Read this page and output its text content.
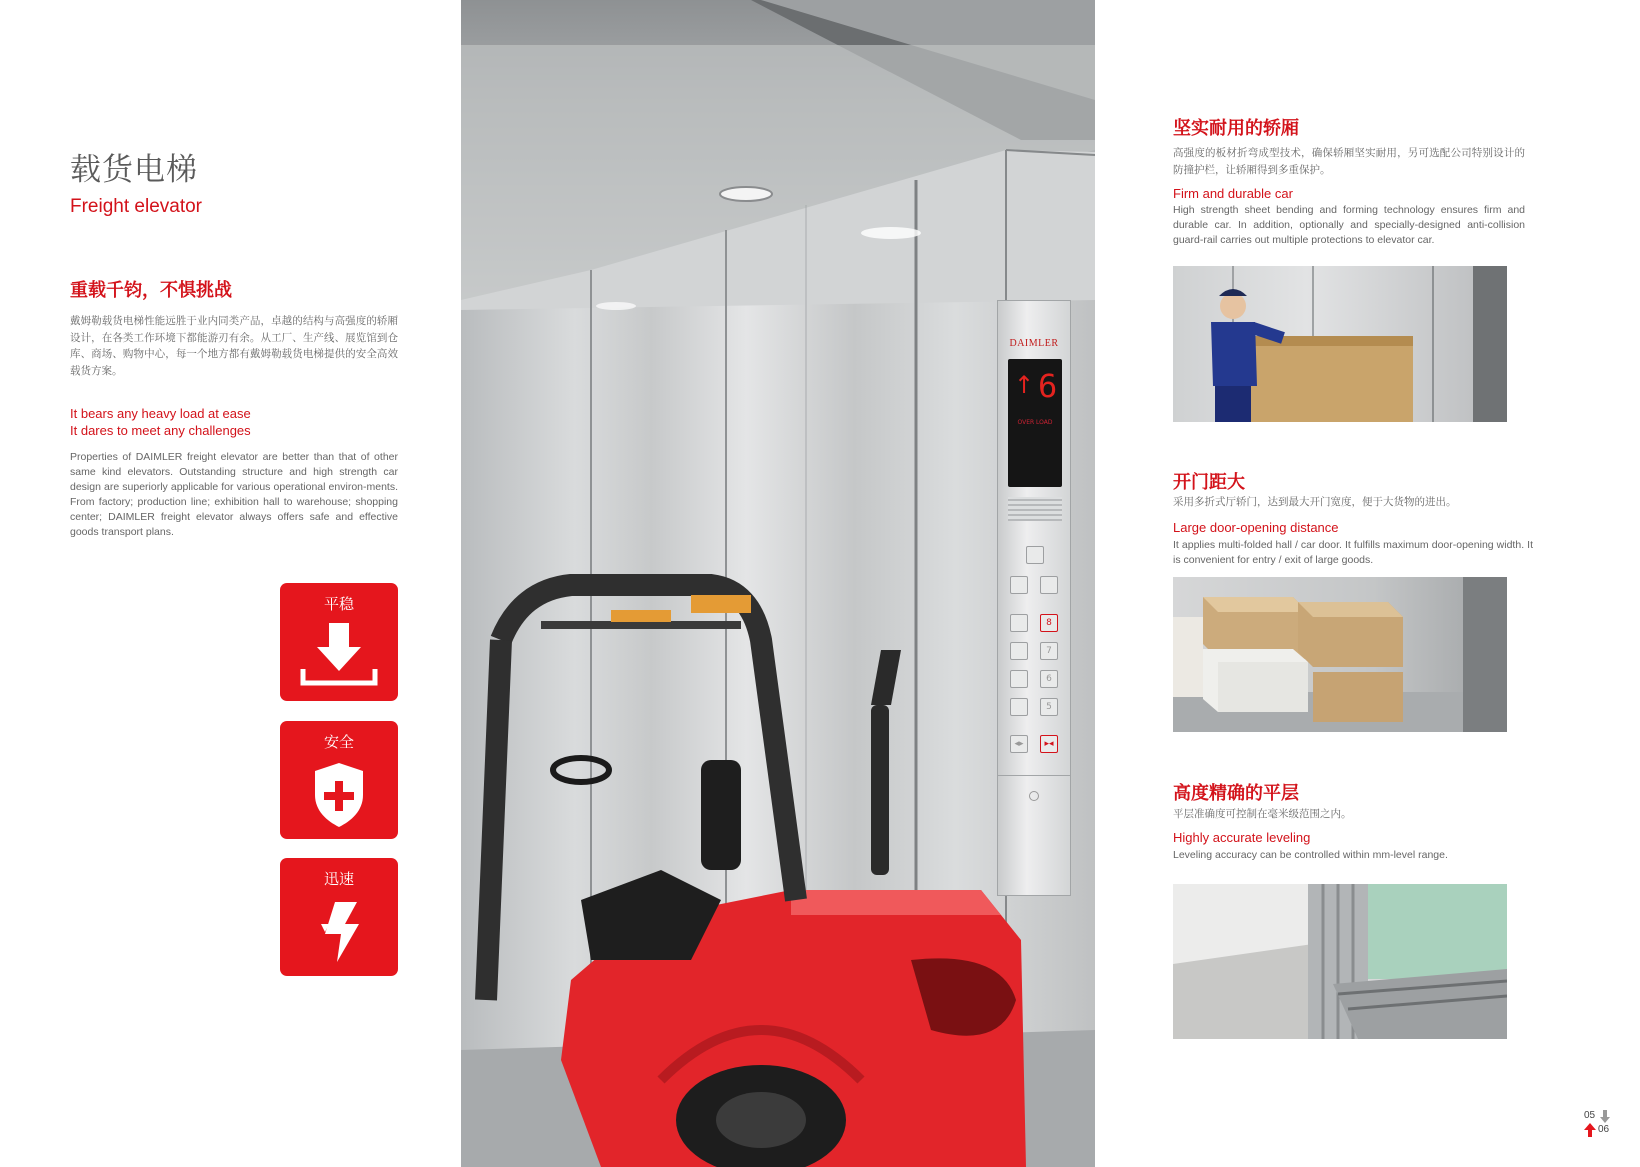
载货电梯
Freight elevator
重载千钧，不惧挑战

戴姆勒载货电梯性能远胜于业内同类产品，卓越的结构与高强度的轿厢设计，在各类工作环境下都能游刃有余。从工厂、生产线、展览馆到仓库、商场、购物中心，每一个地方都有戴姆勒载货电梯提供的安全高效载货方案。

It bears any heavy load at ease
It dares to meet any challenges

Properties of DAIMLER freight elevator are better than that of other same kind elevators. Outstanding structure and high strength car design are superiorly applicable for various operational environ-ments. From factory; production line; exhibition hall to warehouse; shopping center; DAIMLER freight elevator always offers safe and effective goods transport plans.

平稳
安全
迅速
DAIMLER
↑ 6
OVER LOAD
8
7
6
5
◂▸	▸◂
坚实耐用的轿厢

高强度的板材折弯成型技术，确保轿厢坚实耐用，另可选配公司特别设计的防撞护栏，让轿厢得到多重保护。

Firm and durable car

High strength sheet bending and forming technology ensures firm and durable car. In addition, optionally and specially-designed anti-collision guard-rail carries out multiple protections to elevator car.

开门距大

采用多折式厅轿门，达到最大开门宽度，便于大货物的进出。

Large door-opening distance

It applies multi-folded hall / car door. It fulfills maximum door-opening width. It is convenient for entry / exit of large goods.

高度精确的平层

平层准确度可控制在毫米级范围之内。

Highly accurate leveling

Leveling accuracy can be controlled within mm-level range.

05
06
